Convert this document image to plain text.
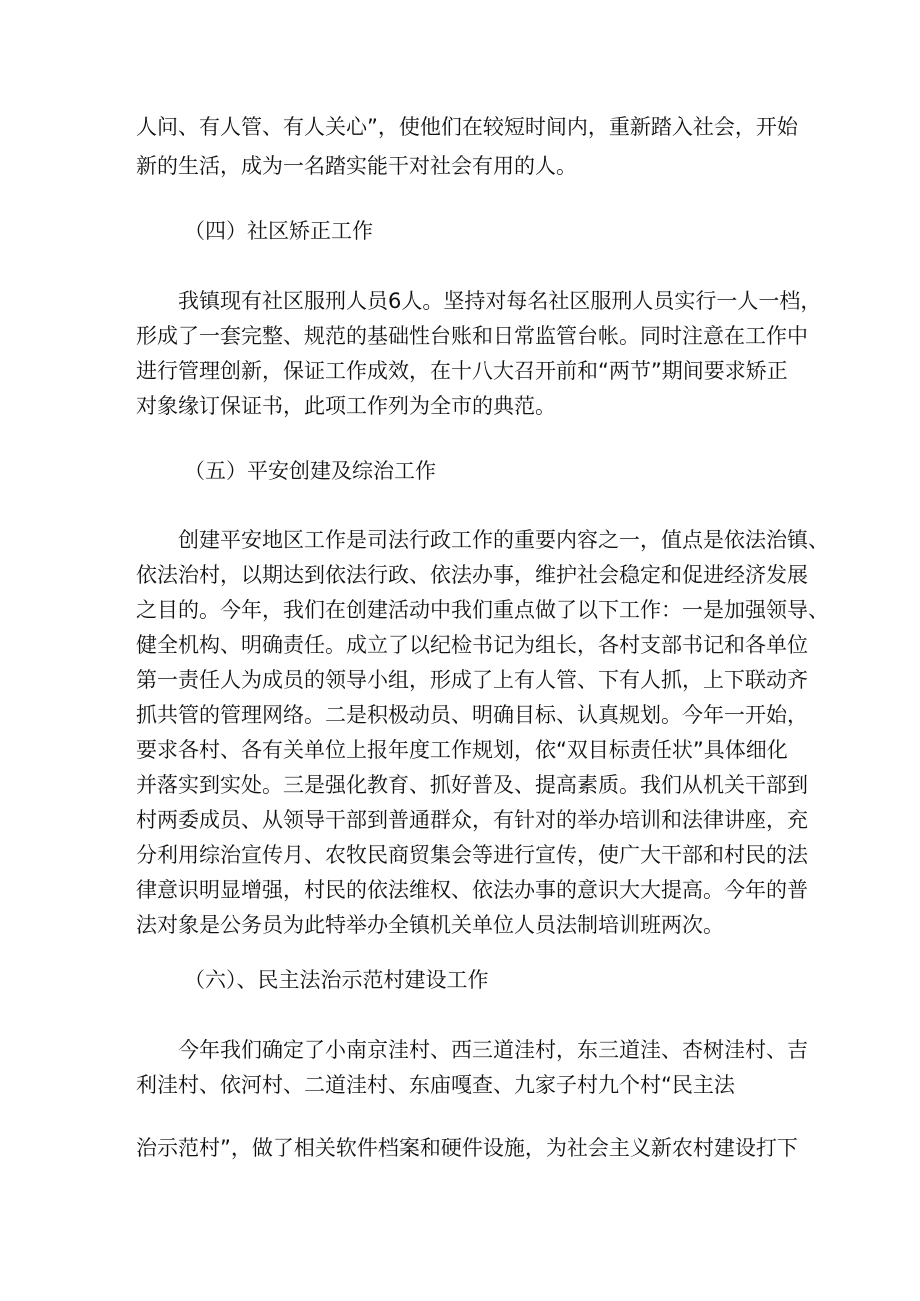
人问、有人管、有人关心”，使他们在较短时间内，重新踏入社会，开始
新的生活，成为一名踏实能干对社会有用的人。
（四）社区矫正工作
我镇现有社区服刑人员6人。坚持对每名社区服刑人员实行一人一档，
形成了一套完整、规范的基础性台账和日常监管台帐。同时注意在工作中
进行管理创新，保证工作成效，在十八大召开前和“两节”期间要求矫正
对象缘订保证书，此项工作列为全市的典范。
（五）平安创建及综治工作
创建平安地区工作是司法行政工作的重要内容之一，值点是依法治镇、
依法治村，以期达到依法行政、依法办事，维护社会稳定和促进经济发展
之目的。今年，我们在创建活动中我们重点做了以下工作：一是加强领导、
健全机构、明确责任。成立了以纪检书记为组长，各村支部书记和各单位
第一责任人为成员的领导小组，形成了上有人管、下有人抓，上下联动齐
抓共管的管理网络。二是积极动员、明确目标、认真规划。今年一开始，
要求各村、各有关单位上报年度工作规划，依“双目标责任状”具体细化
并落实到实处。三是强化教育、抓好普及、提高素质。我们从机关干部到
村两委成员、从领导干部到普通群众，有针对的举办培训和法律讲座，充
分利用综治宣传月、农牧民商贸集会等进行宣传，使广大干部和村民的法
律意识明显增强，村民的依法维权、依法办事的意识大大提高。今年的普
法对象是公务员为此特举办全镇机关单位人员法制培训班两次。
（六）、民主法治示范村建设工作
今年我们确定了小南京洼村、西三道洼村，东三道洼、杏树洼村、吉
利洼村、依河村、二道洼村、东庙嘎查、九家子村九个村“民主法
治示范村”，做了相关软件档案和硬件设施，为社会主义新农村建设打下
